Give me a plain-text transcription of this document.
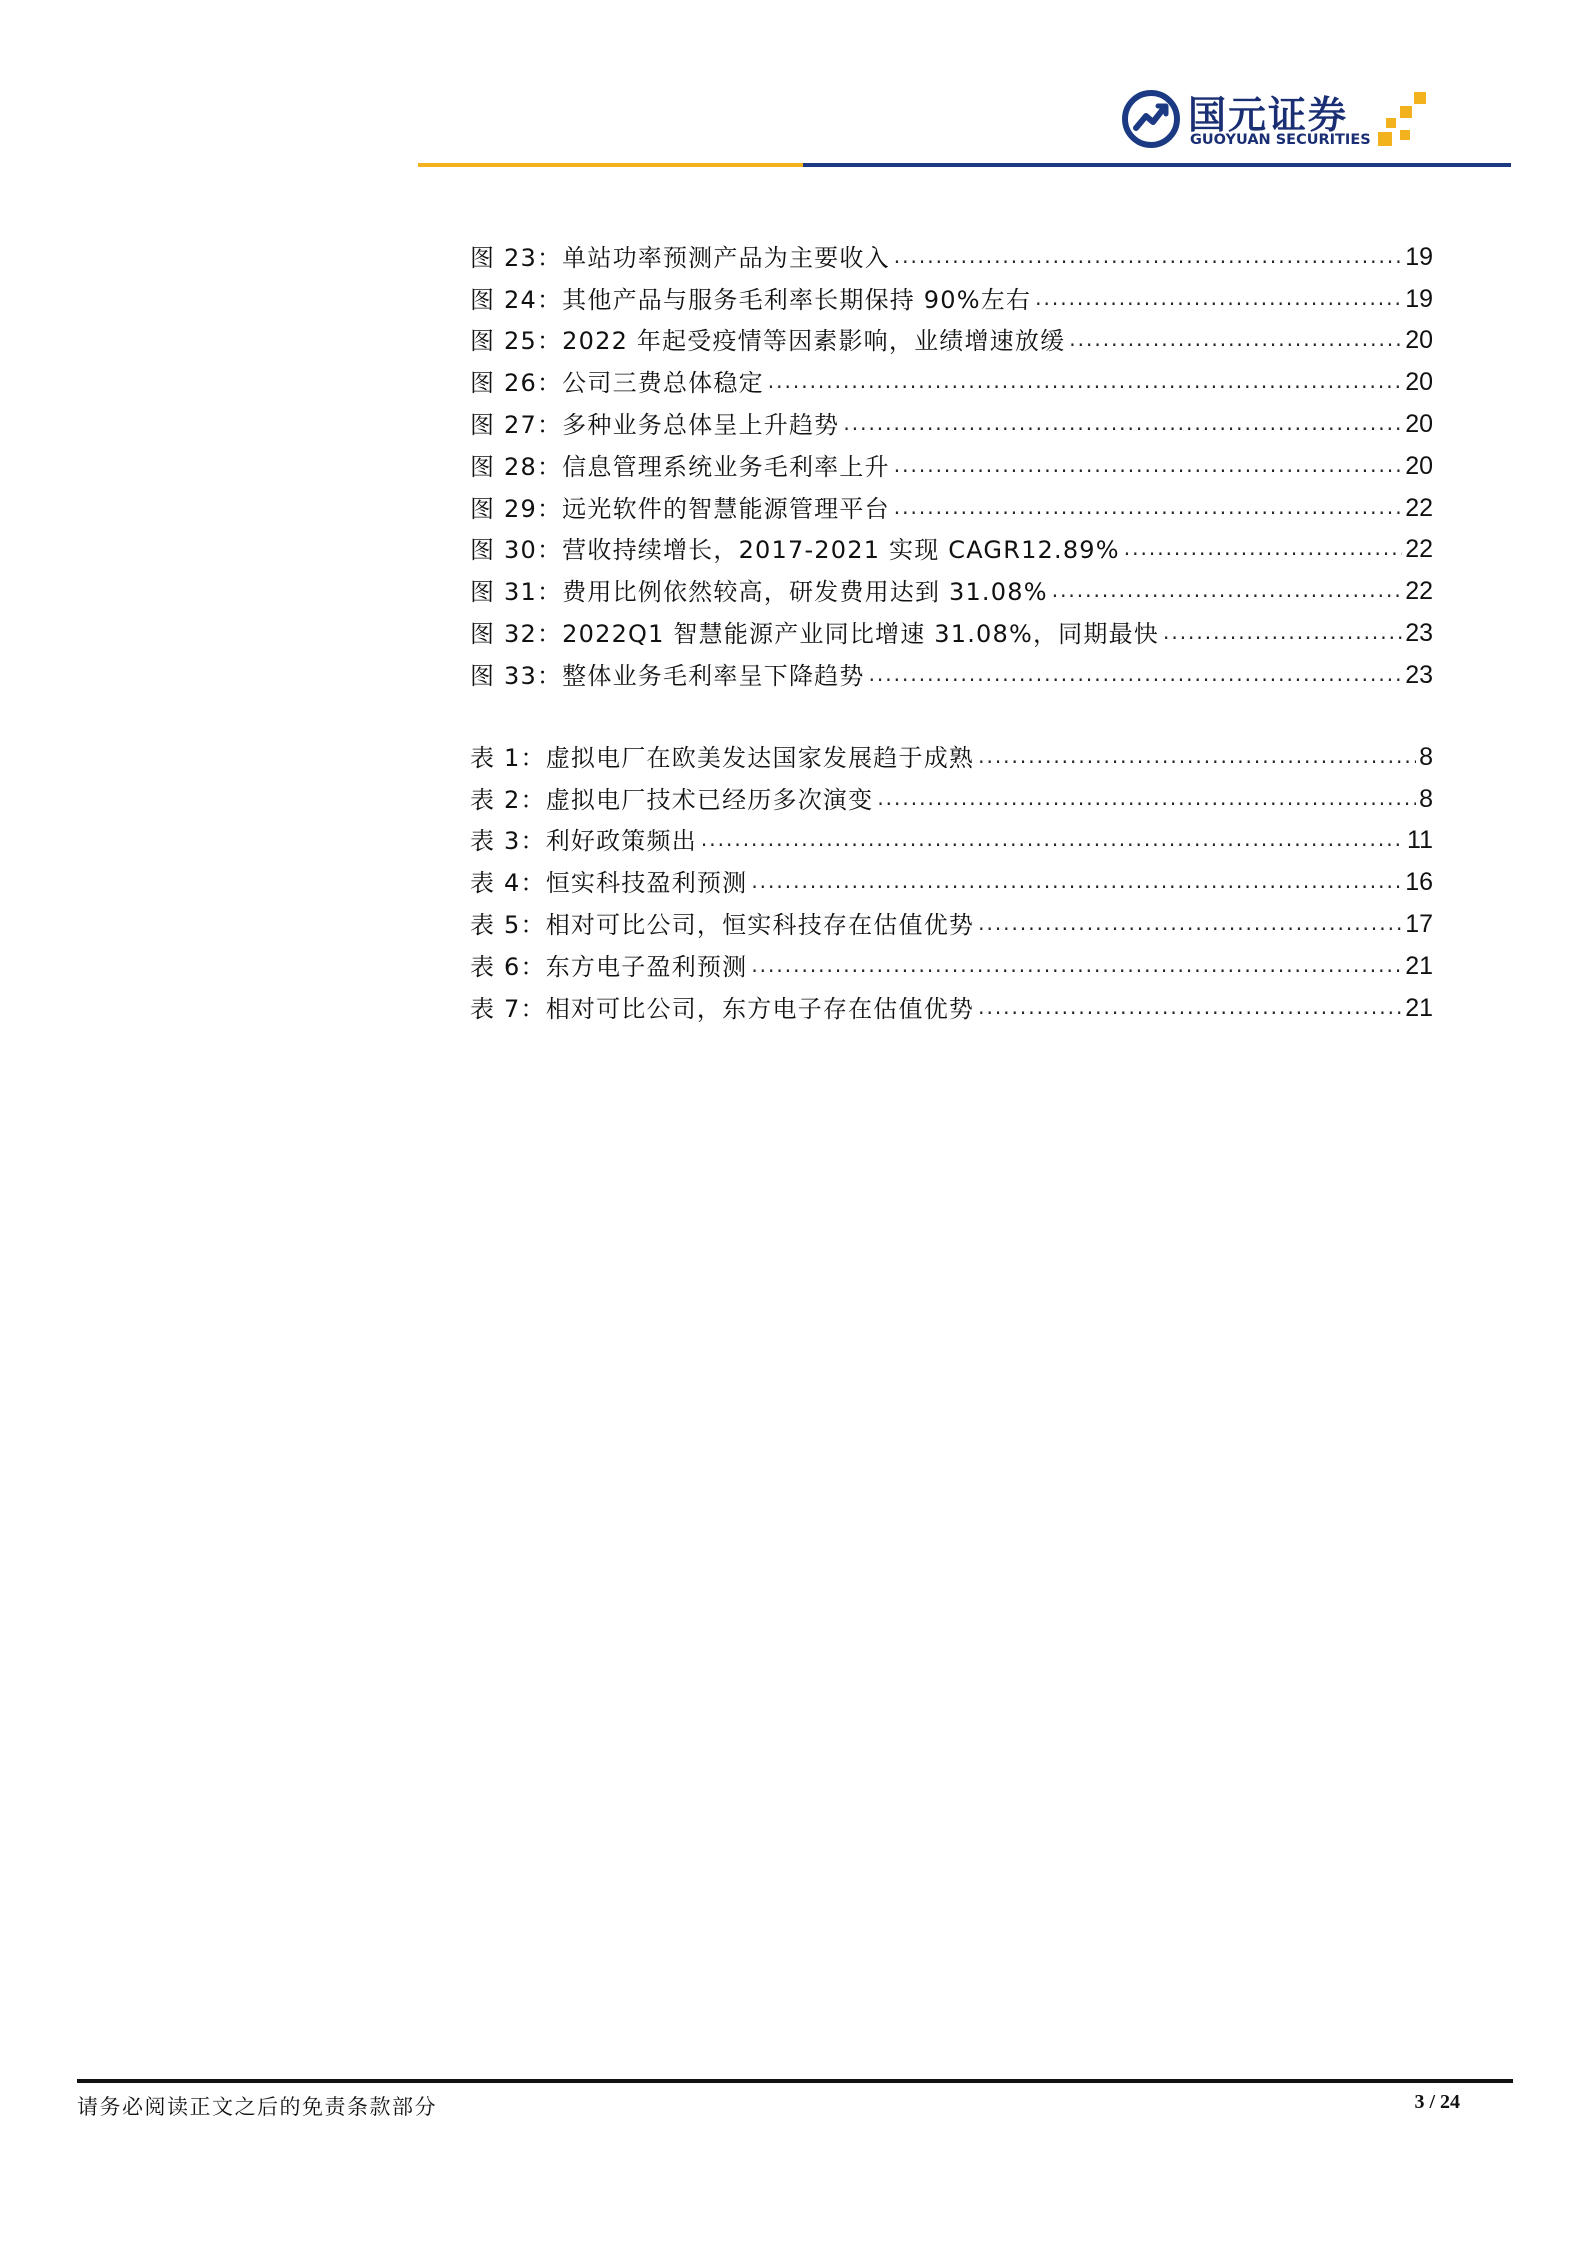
国元证券
GUOYUAN SECURITIES
图 23：单站功率预测产品为主要收入 .....	19
图 24：其他产品与服务毛利率长期保持 90%左右 .....	19
图 25：2022 年起受疫情等因素影响，业绩增速放缓 .....	20
图 26：公司三费总体稳定 .....	20
图 27：多种业务总体呈上升趋势 .....	20
图 28：信息管理系统业务毛利率上升 .....	20
图 29：远光软件的智慧能源管理平台 .....	22
图 30：营收持续增长，2017-2021 实现 CAGR12.89% .....	22
图 31：费用比例依然较高，研发费用达到 31.08% .....	22
图 32：2022Q1 智慧能源产业同比增速 31.08%，同期最快 .....	23
图 33：整体业务毛利率呈下降趋势 .....	23
表 1：虚拟电厂在欧美发达国家发展趋于成熟 .....	8
表 2：虚拟电厂技术已经历多次演变 .....	8
表 3：利好政策频出 .....	11
表 4：恒实科技盈利预测 .....	16
表 5：相对可比公司，恒实科技存在估值优势 .....	17
表 6：东方电子盈利预测 .....	21
表 7：相对可比公司，东方电子存在估值优势 .....	21
请务必阅读正文之后的免责条款部分	3 / 24
